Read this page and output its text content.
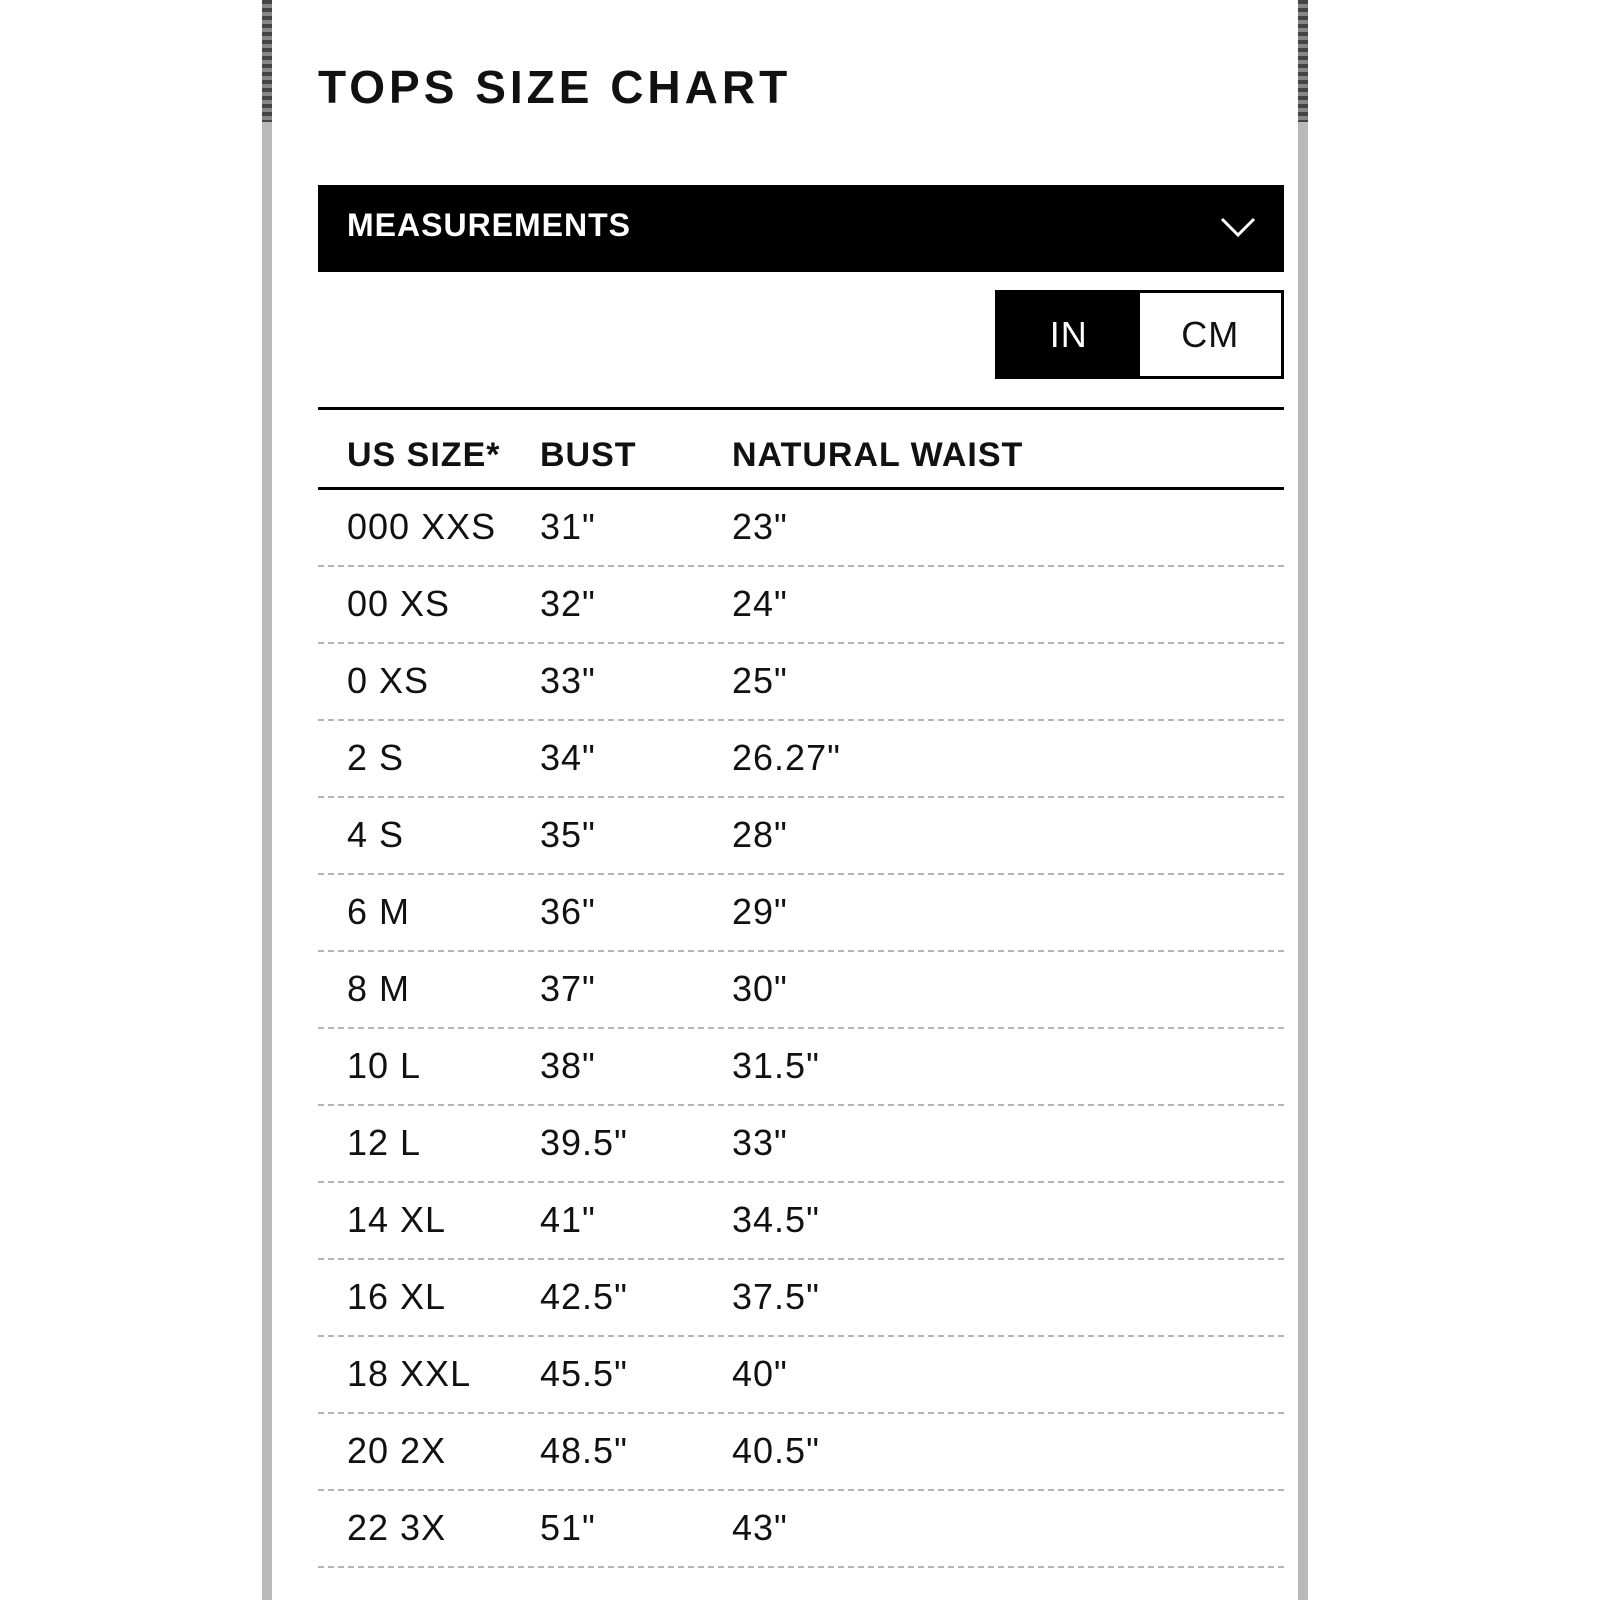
TOPS SIZE CHART
MEASUREMENTS
IN	CM
US SIZE* BUST	NATURAL WAIST
000 XXS 31"	23"
00 XS 32"	24"
0 XS	33"	25"
2 S	34"	26.27"
4 S	35"	28"
6 M	36"	29"
8 M	37"	30"
10 L	38"	31.5"
12 L	39.5"	33"
14 XL	41"	34.5"
16 XL	42.5"	37.5"
18 XXL 45.5"	40"
20 2X	48.5"	40.5"
22 3X	51"	43"
